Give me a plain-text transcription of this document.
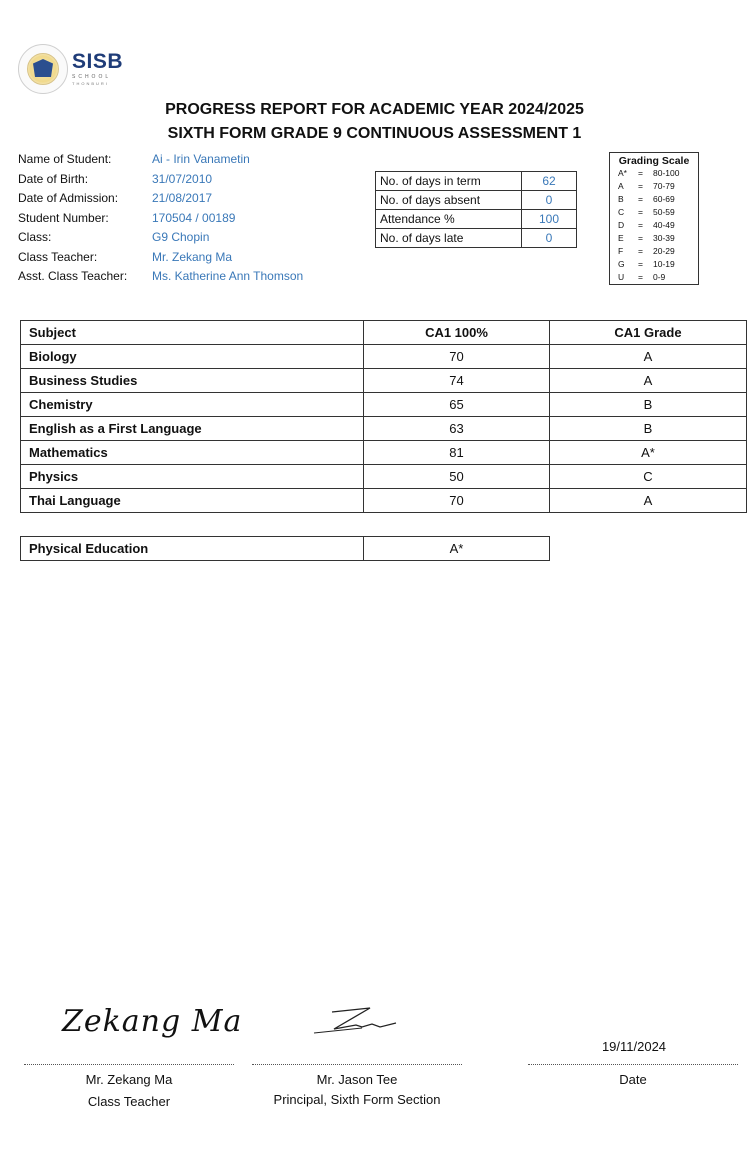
SISB
SCHOOL
THONBURI
PROGRESS REPORT FOR ACADEMIC YEAR 2024/2025
SIXTH FORM GRADE 9 CONTINUOUS ASSESSMENT 1
Name of Student:	Ai - Irin Vanametin
Date of Birth:	31/07/2010
Date of Admission:	21/08/2017
Student Number:	170504 / 00189
Class:	G9 Chopin
Class Teacher:	Mr. Zekang Ma
Asst. Class Teacher: Ms. Katherine Ann Thomson
No. of days in term	62
No. of days absent	0
Attendance %	100
No. of days late	0
Grading Scale
A* = 80-100
A = 70-79
B = 60-69
C = 50-59
D = 40-49
E = 30-39
F = 20-29
G = 10-19
U = 0-9
Subject	CA1 100%	CA1 Grade
Biology	70	A
Business Studies	74	A
Chemistry	65	B
English as a First Language	63	B
Mathematics	81	A*
Physics	50	C
Thai Language	70	A
Physical Education	A*
Zekang Ma
19/11/2024
Mr. Zekang Ma
Class Teacher
Mr. Jason Tee
Principal, Sixth Form Section
Date
